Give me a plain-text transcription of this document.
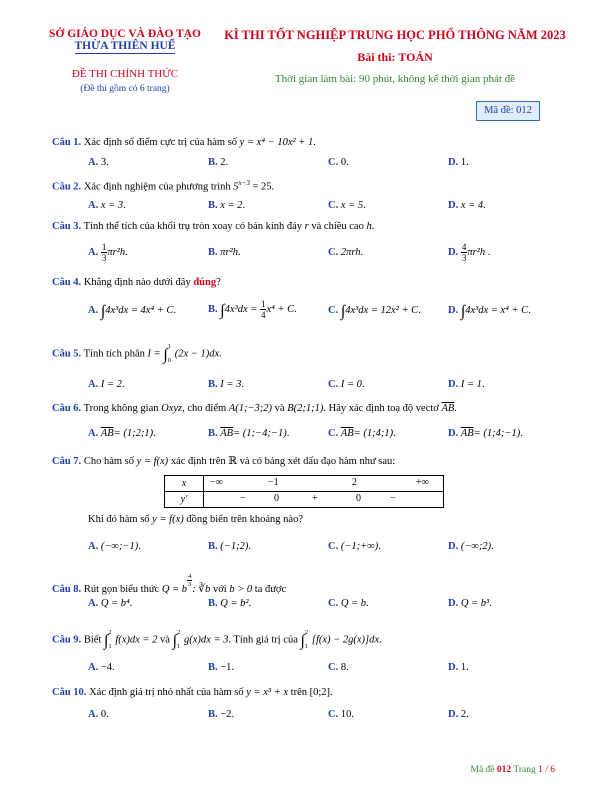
SỞ GIÁO DỤC VÀ ĐÀO TẠO
THỪA THIÊN HUẾ
ĐỀ THI CHÍNH THỨC
(Đề thi gồm có 6 trang)
KÌ THI TỐT NGHIỆP TRUNG HỌC PHỔ THÔNG NĂM 2023
Bài thi: TOÁN
Thời gian làm bài: 90 phút, không kể thời gian phát đề
Mã đề: 012
Câu 1. Xác định số điểm cực trị của hàm số y = x⁴ − 10x² + 1.
A. 3.	B. 2.	C. 0.	D. 1.
Câu 2. Xác định nghiệm của phương trình $5^{x-3} = 25$.
A. x = 3.	B. x = 2.	C. x = 5.	D. x = 4.
Câu 3. Tính thể tích của khối trụ tròn xoay có bán kính đáy r và chiều cao h.
A. $\frac{1}{3} \pi r^2h$.	B. πr²h.	C. 2πrh.	D. $\frac{4}{3} \pi r^2h$ .
Câu 4. Khẳng định nào dưới đây đúng?
A. ∫4x³dx = 4x⁴ + C.	B. $\int 4x^3dx = \frac{1}{4} x^4 + C$.	C. ∫4x³dx = 12x² + C.	D. ∫4x³dx = x⁴ + C.
Câu 5. Tính tích phân I = ∫ 1
0
(2x − 1)dx.
A. I = 2.	B. I = 3.	C. I = 0.	D. I = 1.
Câu 6. Trong không gian Oxyz, cho điểm A(1;−3;2) và B(2;1;1). Hãy xác định toạ độ vectơ $\overline{AB}$.
A. $\overline{AB}=$ (1;2;1).	B. $\overline{AB}=$ (1;−4;−1).	C. $\overline{AB}=$ (1;4;1).	D. $\overline{AB}=$ (1;4;−1).
Câu 7. Cho hàm số y = f(x) xác định trên ℝ và có bảng xét dấu đạo hàm như sau:
x	−∞ −1 2 +∞

y′	− 0 + 0 −
Khi đó hàm số y = f(x) đồng biến trên khoảng nào?
A. (−∞;−1).	B. (−1;2).	C. (−1;+∞).	D. (−∞;2).
Câu 8. Rút gọn biểu thức Q = b
$\frac{4}{3}$
: ∛b với b > 0 ta được
A. Q = b⁴.	B. Q = b².	C. Q = b.	D. Q = b³.
Câu 9. Biết ∫ 2
1
f(x)dx = 2 và ∫ 2
1
g(x)dx = 3. Tính giá trị của ∫ 2
1
[f(x) − 2g(x)]dx.
A. −4.	B. −1.	C. 8.	D. 1.
Câu 10. Xác định giá trị nhỏ nhất của hàm số y = x³ + x trên [0;2].
A. 0.	B. −2.	C. 10.	D. 2.
Mã đề 012 Trang 1 / 6
